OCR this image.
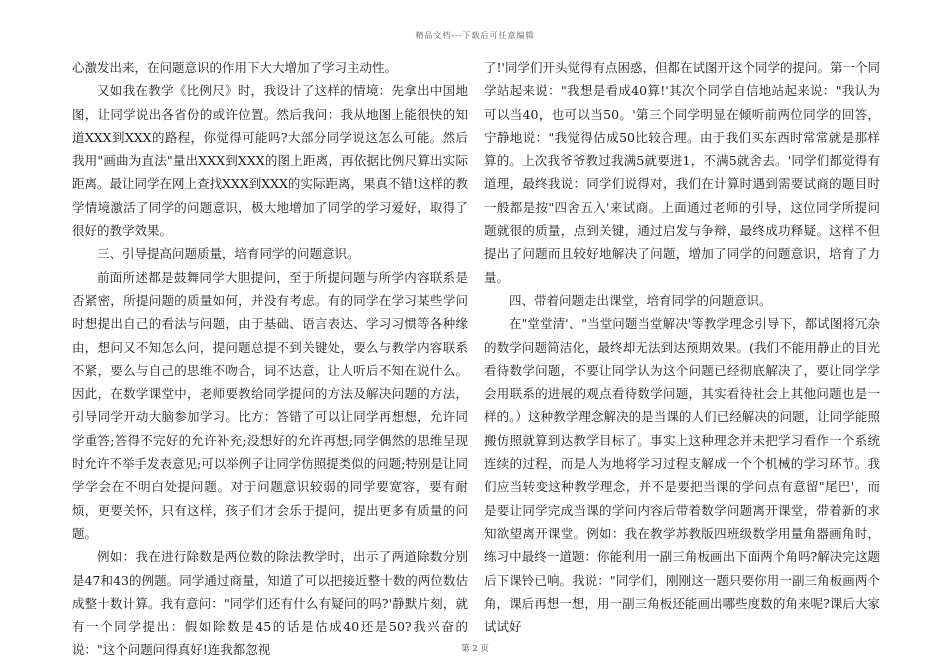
精品文档---下载后可任意编辑

心激发出来，在问题意识的作用下大大增加了学习主动性。

又如我在教学《比例尺》时，我设计了这样的情境：先拿出中国地图，让同学说出各省份的或许位置。然后我问：我从地图上能很快的知道XXX到XXX的路程，你觉得可能吗?大部分同学说这怎么可能。然后我用"画曲为直法"量出XXX到XXX的图上距离，再依据比例尺算出实际距离。最让同学在网上查找XXX到XXX的实际距离，果真不错!这样的教学情境激活了同学的问题意识，极大地增加了同学的学习爱好，取得了很好的教学效果。

三、引导提高问题质量，培育同学的问题意识。

前面所述都是鼓舞同学大胆提问，至于所提问题与所学内容联系是否紧密，所提问题的质量如何，并没有考虑。有的同学在学习某些学问时想提出自己的看法与问题，由于基础、语言表达、学习习惯等各种缘由，想问又不知怎么问，提问题总提不到关键处，要么与教学内容联系不紧，要么与自己的思维不吻合，词不达意，让人听后不知在说什么。因此，在数学课堂中，老师要教给同学提问的方法及解决问题的方法，引导同学开动大脑参加学习。比方：答错了可以让同学再想想，允许同学重答;答得不完好的允许补充;没想好的允许再想;同学偶然的思维呈现时允许不举手发表意见;可以举例子让同学仿照提类似的问题;特别是让同学学会在不明白处提问题。对于问题意识较弱的同学要宽容，要有耐烦，更要关怀，只有这样，孩子们才会乐于提问，提出更多有质量的问题。

例如：我在进行除数是两位数的除法教学时，出示了两道除数分别是47和43的例题。同学通过商量，知道了可以把接近整十数的两位数估成整十数计算。我有意问："同学们还有什么有疑问的吗?'静默片刻，就有一个同学提出：假如除数是45的话是估成40还是50?我兴奋的说："这个问题问得真好!连我都忽视

了!'同学们开头觉得有点困惑，但都在试图开这个同学的提问。第一个同学站起来说："我想是看成40算!'其次个同学自信地站起来说："我认为可以当40，也可以当50。'第三个同学明显在倾听前两位同学的回答，宁静地说："我觉得估成50比较合理。由于我们买东西时常常就是那样算的。上次我爷爷教过我满5就要进1，不满5就舍去。'同学们都觉得有道理，最终我说：同学们说得对，我们在计算时遇到需要试商的题目时一般都是按"四舍五入'来试商。上面通过老师的引导，这位同学所提问题就很的质量，点到关键，通过启发与争辩，最终成功释疑。这样不但提出了问题而且较好地解决了问题，增加了同学的问题意识，培育了力量。

四、带着问题走出课堂，培育同学的问题意识。

在"堂堂清'、"当堂问题当堂解决'等教学理念引导下，都试图将冗杂的数学问题简洁化，最终却无法到达预期效果。(我们不能用静止的目光看待数学问题，不要让同学认为这个问题已经彻底解决了，要让同学学会用联系的进展的观点看待数学问题，其实看待社会上其他问题也是一样的。）这种教学理念解决的是当课的人们已经解决的问题，让同学能照搬仿照就算到达教学目标了。事实上这种理念并未把学习看作一个系统连续的过程，而是人为地将学习过程支解成一个个机械的学习环节。我们应当转变这种教学理念，并不是要把当课的学问点有意留"尾巴'，而是要让同学完成当课的学问内容后带着数学问题离开课堂，带着新的求知欲望离开课堂。例如：我在教学苏教版四班级数学用量角器画角时，练习中最终一道题：你能利用一副三角板画出下面两个角吗?解决完这题后下课铃已响。我说："同学们，刚刚这一题只要你用一副三角板画两个角，课后再想一想，用一副三角板还能画出哪些度数的角来呢?课后大家试试好

第 2 页
